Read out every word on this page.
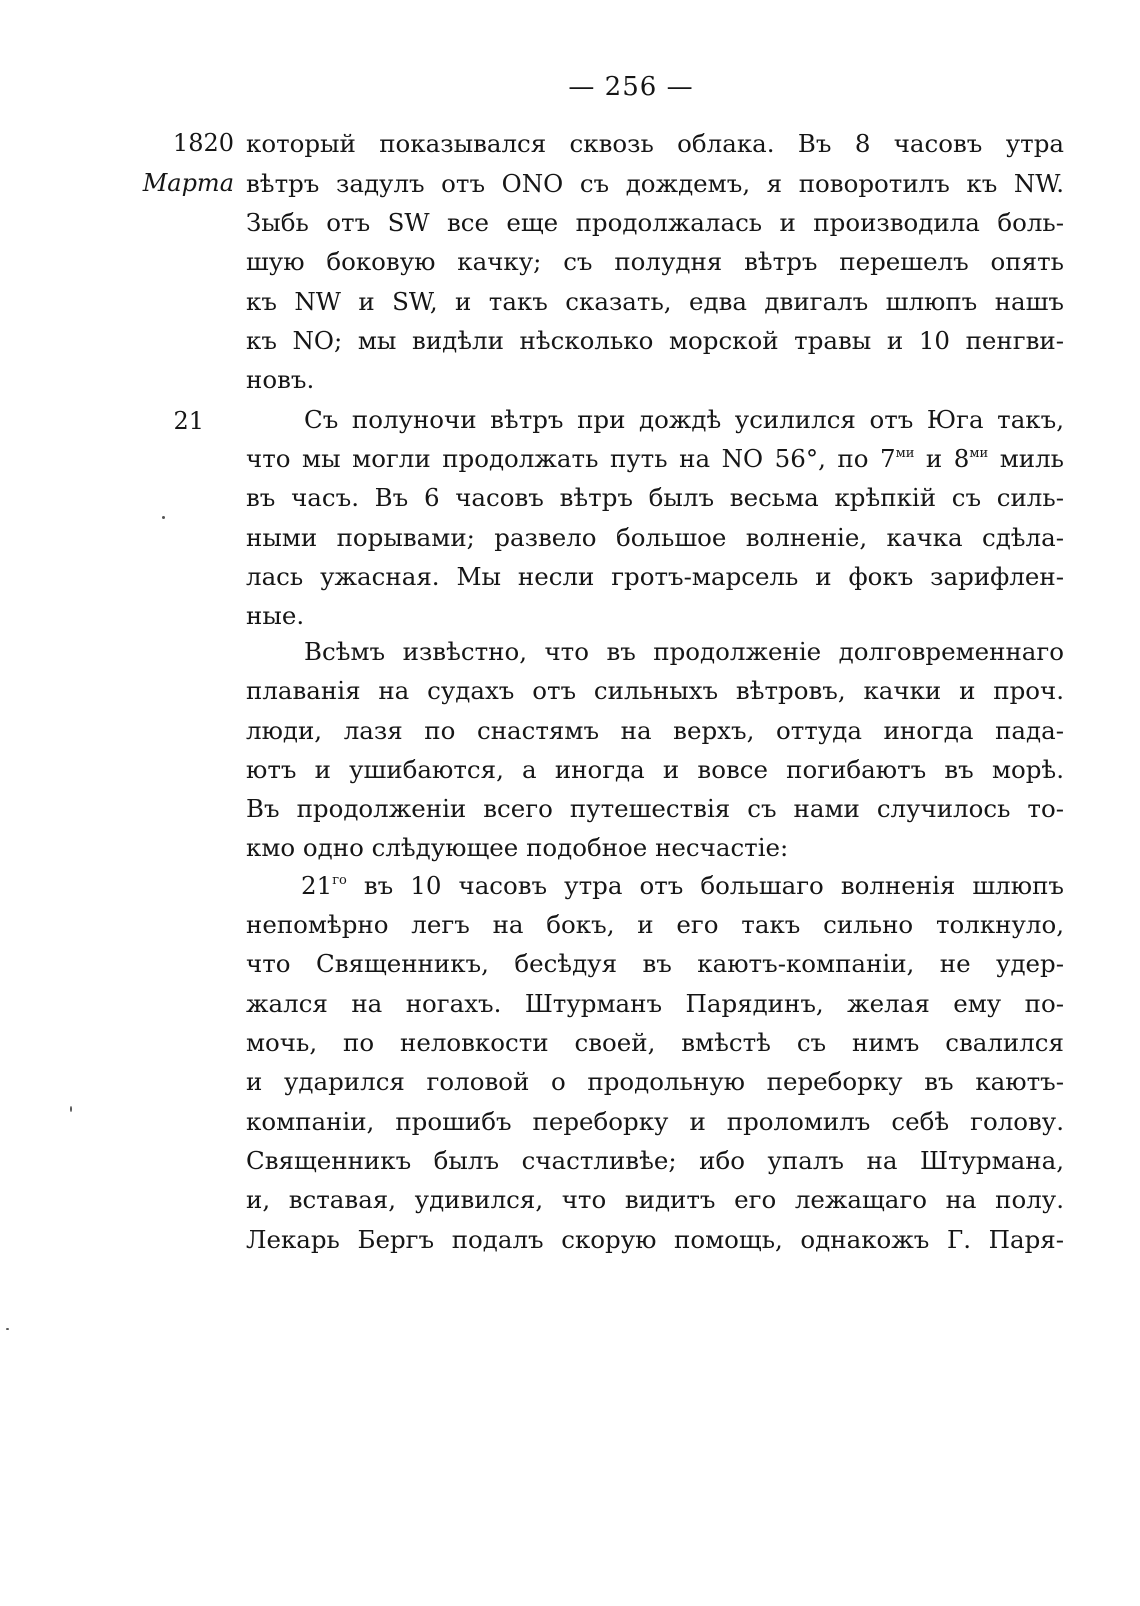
— 256 —
1820
Марта
21
который показывался сквозь облака. Въ 8 часовъ утра
вѣтръ задулъ отъ ONO съ дождемъ, я поворотилъ къ NW.
Зыбь отъ SW все еще продолжалась и производила боль-
шую боковую качку; съ полудня вѣтръ перешелъ опять
къ NW и SW, и такъ сказать, едва двигалъ шлюпъ нашъ
къ NO; мы видѣли нѣсколько морской травы и 10 пенгви-
новъ.
Съ полуночи вѣтръ при дождѣ усилился отъ Юга такъ,
что мы могли продолжать путь на NO 56°, по $7^{ми}$ и $8^{ми}$ миль
въ часъ. Въ 6 часовъ вѣтръ былъ весьма крѣпкій съ силь-
ными порывами; развело большое волненіе, качка сдѣла-
лась ужасная. Мы несли гротъ-марсель и фокъ зарифлен-
ные.
Всѣмъ извѣстно, что въ продолженіе долговременнаго
плаванія на судахъ отъ сильныхъ вѣтровъ, качки и проч.
люди, лазя по снастямъ на верхъ, оттуда иногда пада-
ютъ и ушибаются, а иногда и вовсе погибаютъ въ морѣ.
Въ продолженіи всего путешествія съ нами случилось то-
кмо одно слѣдующее подобное несчастіе:
$21^{го}$ въ 10 часовъ утра отъ большаго волненія шлюпъ
непомѣрно легъ на бокъ, и его такъ сильно толкнуло,
что Священникъ, бесѣдуя въ каютъ-компаніи, не удер-
жался на ногахъ. Штурманъ Парядинъ, желая ему по-
мочь, по неловкости своей, вмѣстѣ съ нимъ свалился
и ударился головой о продольную переборку въ каютъ-
компаніи, прошибъ переборку и проломилъ себѣ голову.
Священникъ былъ счастливѣе; ибо упалъ на Штурмана,
и, вставая, удивился, что видитъ его лежащаго на полу.
Лекарь Бергъ подалъ скорую помощь, однакожъ Г. Паря-
